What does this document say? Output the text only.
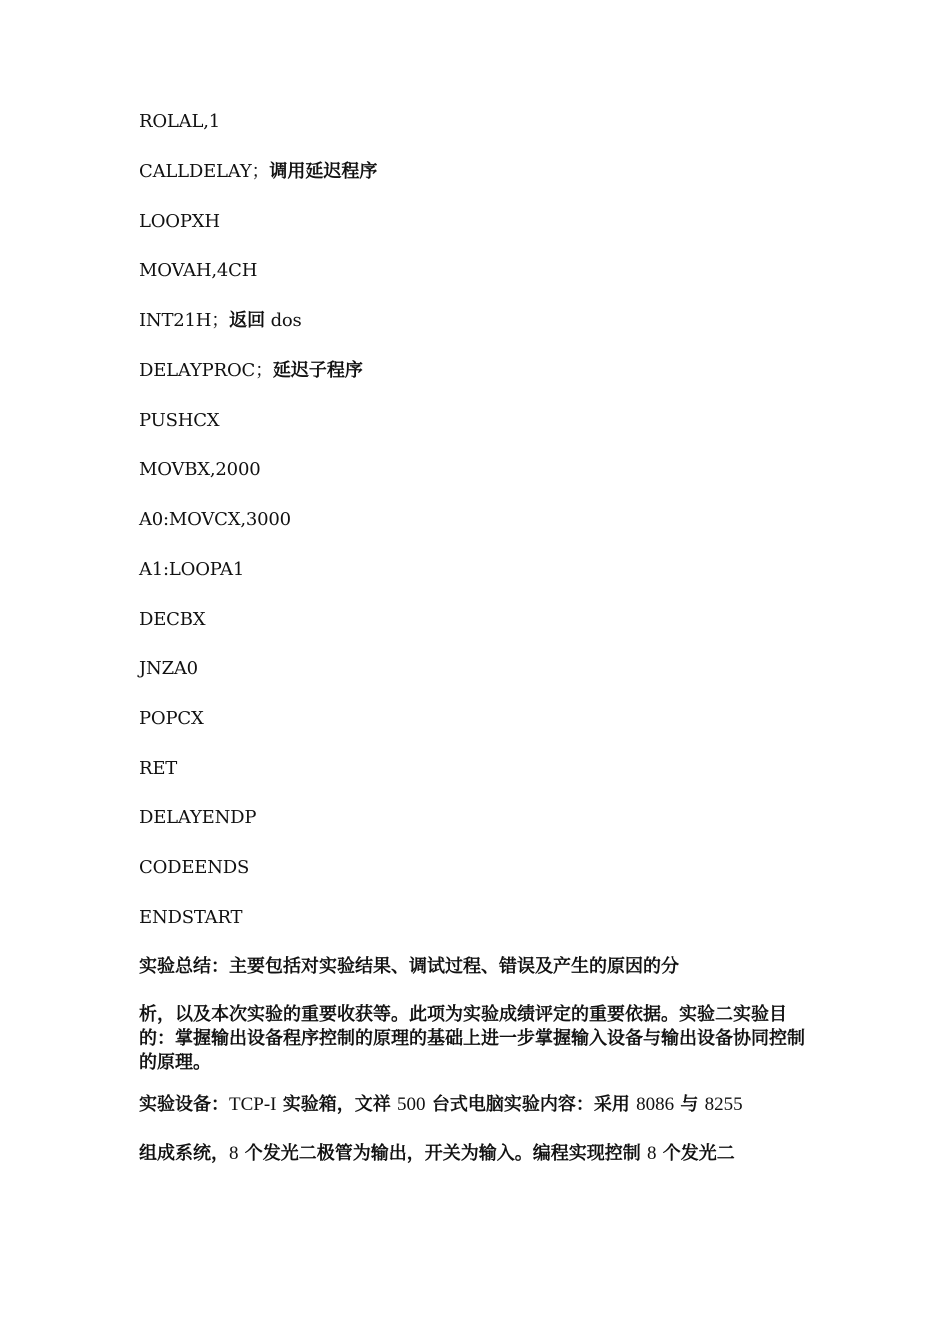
ROLAL,1

CALLDELAY；调用延迟程序

LOOPXH

MOVAH,4CH

INT21H；返回 dos

DELAYPROC；延迟子程序

PUSHCX

MOVBX,2000

A0:MOVCX,3000

A1:LOOPA1

DECBX

JNZA0

POPCX

RET

DELAYENDP

CODEENDS

ENDSTART

实验总结：主要包括对实验结果、调试过程、错误及产生的原因的分

析，以及本次实验的重要收获等。此项为实验成绩评定的重要依据。实验二实验目的：掌握输出设备程序控制的原理的基础上进一步掌握输入设备与输出设备协同控制的原理。

实验设备：TCP-I 实验箱，文祥 500 台式电脑实验内容：采用 8086 与 8255

组成系统，8 个发光二极管为输出，开关为输入。编程实现控制 8 个发光二
